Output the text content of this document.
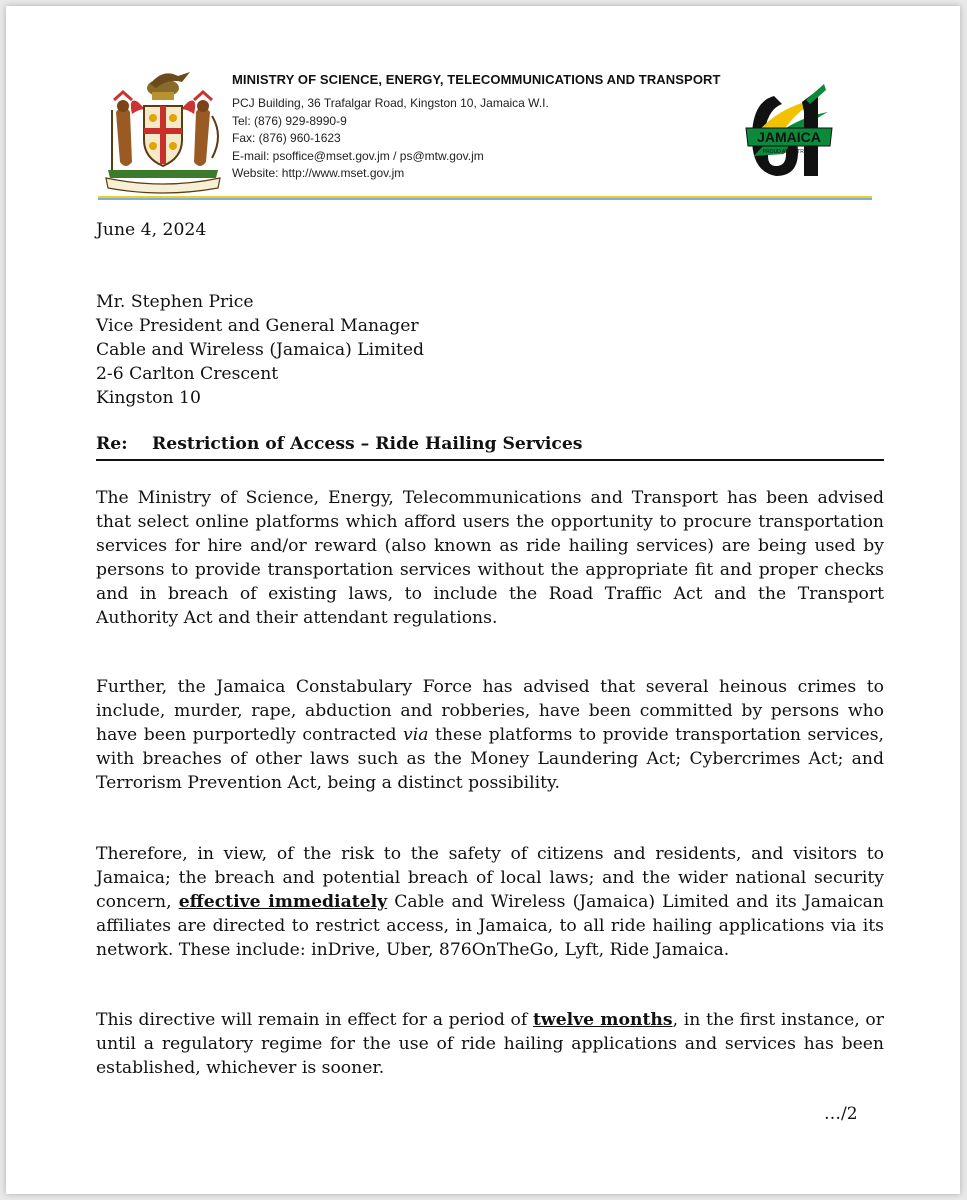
MINISTRY OF SCIENCE, ENERGY, TELECOMMUNICATIONS AND TRANSPORT
PCJ Building, 36 Trafalgar Road, Kingston 10, Jamaica W.I.
Tel: (876) 929-8990-9
Fax: (876) 960-1623
E-mail: psoffice@mset.gov.jm / ps@mtw.gov.jm
Website: http://www.mset.gov.jm
JAMAICA
PROUD AND STRONG
June 4, 2024
Mr. Stephen Price
Vice President and General Manager
Cable and Wireless (Jamaica) Limited
2-6 Carlton Crescent
Kingston 10
Re: Restriction of Access – Ride Hailing Services
The Ministry of Science, Energy, Telecommunications and Transport has been advised that select online platforms which afford users the opportunity to procure transportation services for hire and/or reward (also known as ride hailing services) are being used by persons to provide transportation services without the appropriate fit and proper checks and in breach of existing laws, to include the Road Traffic Act and the Transport Authority Act and their attendant regulations.
Further, the Jamaica Constabulary Force has advised that several heinous crimes to include, murder, rape, abduction and robberies, have been committed by persons who have been purportedly contracted via these platforms to provide transportation services, with breaches of other laws such as the Money Laundering Act; Cybercrimes Act; and Terrorism Prevention Act, being a distinct possibility.
Therefore, in view, of the risk to the safety of citizens and residents, and visitors to Jamaica; the breach and potential breach of local laws; and the wider national security concern, effective immediately Cable and Wireless (Jamaica) Limited and its Jamaican affiliates are directed to restrict access, in Jamaica, to all ride hailing applications via its network. These include: inDrive, Uber, 876OnTheGo, Lyft, Ride Jamaica.
This directive will remain in effect for a period of twelve months, in the first instance, or until a regulatory regime for the use of ride hailing applications and services has been established, whichever is sooner.
…/2
